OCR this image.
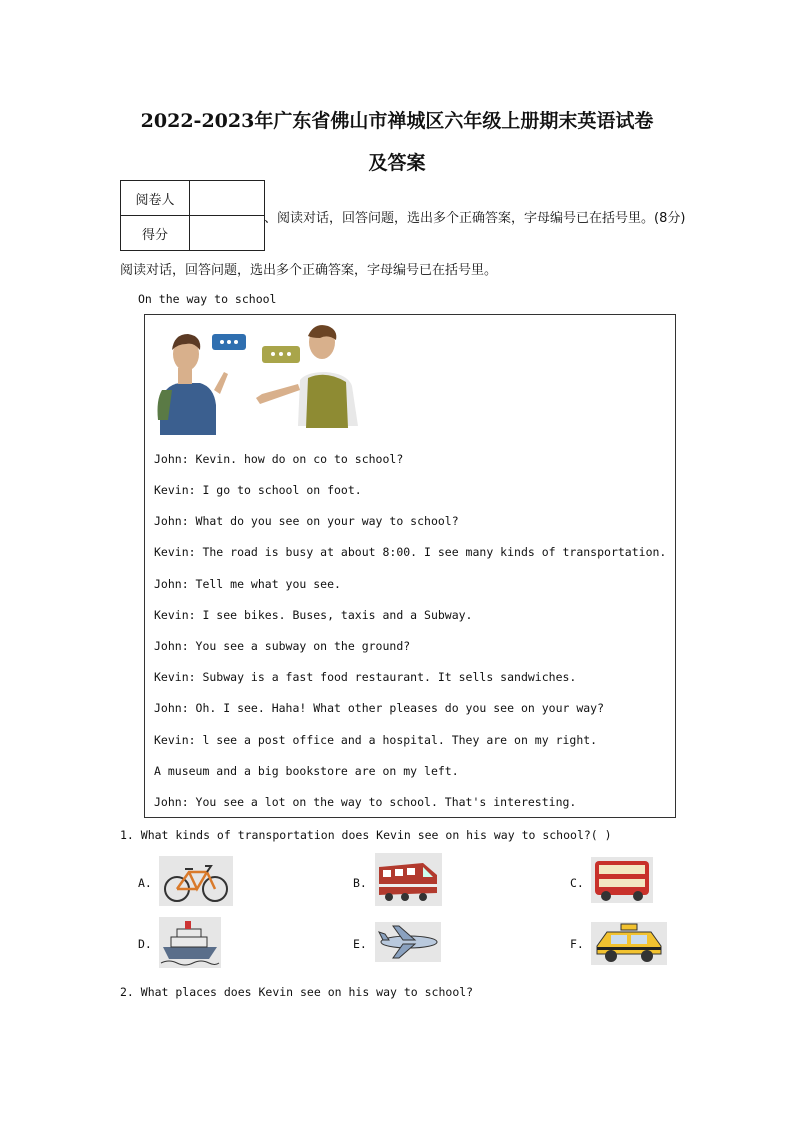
2022-2023年广东省佛山市禅城区六年级上册期末英语试卷
及答案
阅卷人	
得分	
、阅读对话，回答问题，选出多个正确答案，字母编号已在括号里。(8分)
阅读对话，回答问题，选出多个正确答案，字母编号已在括号里。
On the way to school
John: Kevin. how do on co to school?
Kevin: I go to school on foot.
John: What do you see on your way to school?
Kevin: The road is busy at about 8:00. I see many kinds of transportation.
John: Tell me what you see.
Kevin: I see bikes. Buses, taxis and a Subway.
John: You see a subway on the ground?
Kevin: Subway is a fast food restaurant. It sells sandwiches.
John: Oh. I see. Haha! What other pleases do you see on your way?
Kevin: l see a post office and a hospital. They are on my right.
A museum and a big bookstore are on my left.
John: You see a lot on the way to school. That's interesting.
1. What kinds of transportation does Kevin see on his way to school?( )
A.	B.	C.
D.	E.	F.
2. What places does Kevin see on his way to school?
